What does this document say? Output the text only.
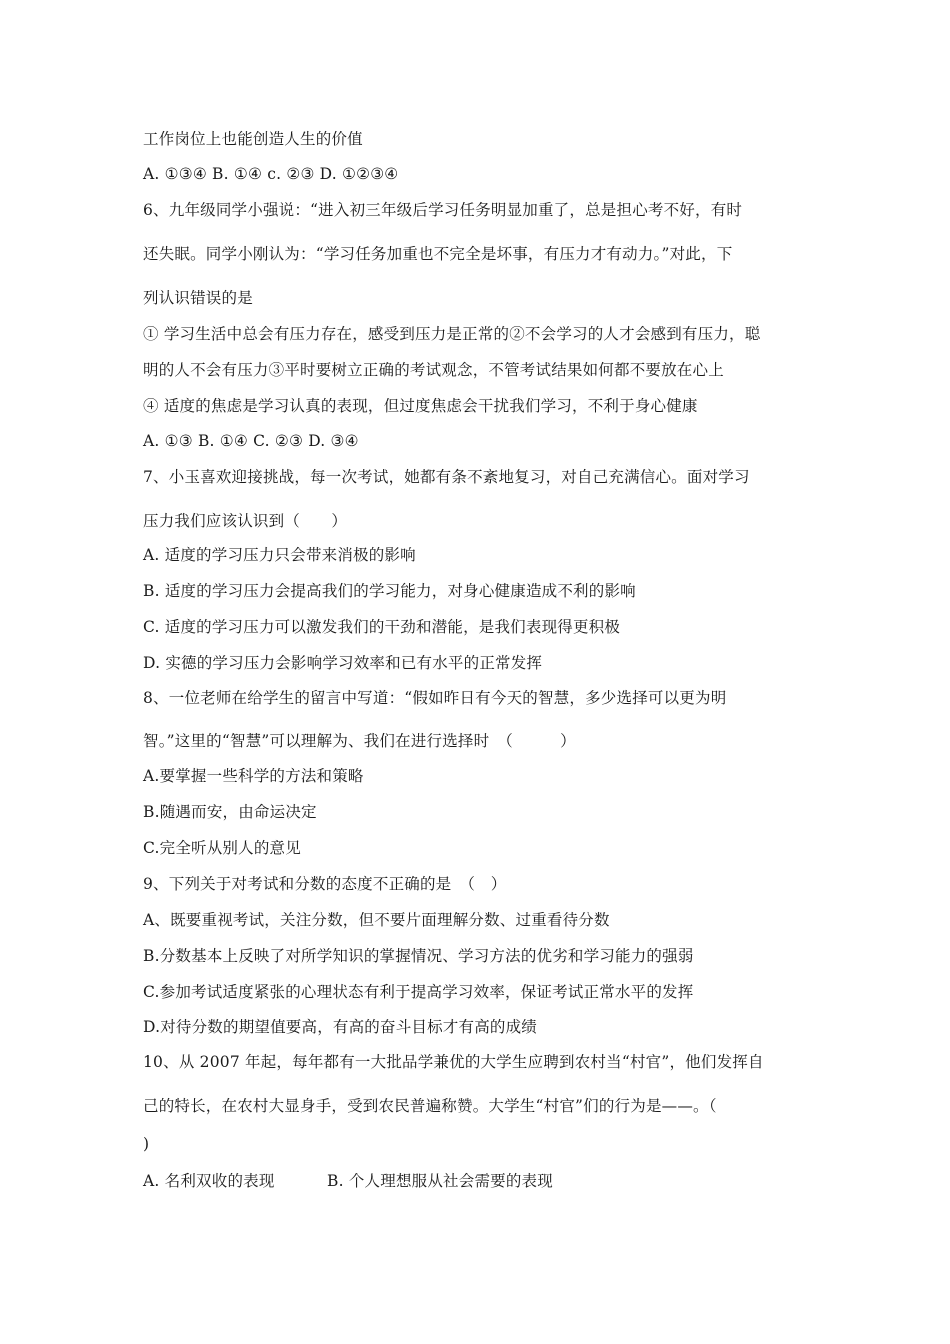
工作岗位上也能创造人生的价值
A. ①③④ B. ①④ c. ②③ D. ①②③④
6、九年级同学小强说：“进入初三年级后学习任务明显加重了，总是担心考不好，有时
还失眠。同学小刚认为：“学习任务加重也不完全是坏事，有压力才有动力。”对此，下
列认识错误的是
① 学习生活中总会有压力存在，感受到压力是正常的②不会学习的人才会感到有压力，聪
明的人不会有压力③平时要树立正确的考试观念，不管考试结果如何都不要放在心上
④ 适度的焦虑是学习认真的表现，但过度焦虑会干扰我们学习，不利于身心健康
A. ①③ B. ①④ C. ②③ D. ③④
7、小玉喜欢迎接挑战，每一次考试，她都有条不紊地复习，对自己充满信心。面对学习
压力我们应该认识到（　　）
A. 适度的学习压力只会带来消极的影响
B. 适度的学习压力会提高我们的学习能力，对身心健康造成不利的影响
C. 适度的学习压力可以激发我们的干劲和潜能，是我们表现得更积极
D. 实德的学习压力会影响学习效率和已有水平的正常发挥
8、一位老师在给学生的留言中写道：“假如昨日有今天的智慧，多少选择可以更为明
智。”这里的“智慧”可以理解为、我们在进行选择时　（　　　）
A.要掌握一些科学的方法和策略
B.随遇而安，由命运决定
C.完全听从别人的意见
9、下列关于对考试和分数的态度不正确的是　（　）
A、既要重视考试，关注分数，但不要片面理解分数、过重看待分数
B.分数基本上反映了对所学知识的掌握情况、学习方法的优劣和学习能力的强弱
C.参加考试适度紧张的心理状态有利于提高学习效率，保证考试正常水平的发挥
D.对待分数的期望值要高，有高的奋斗目标才有高的成绩
10、从 2007 年起，每年都有一大批品学兼优的大学生应聘到农村当“村官”，他们发挥自
己的特长，在农村大显身手，受到农民普遍称赞。大学生“村官”们的行为是——。（
)
A. 名利双收的表现	B. 个人理想服从社会需要的表现
